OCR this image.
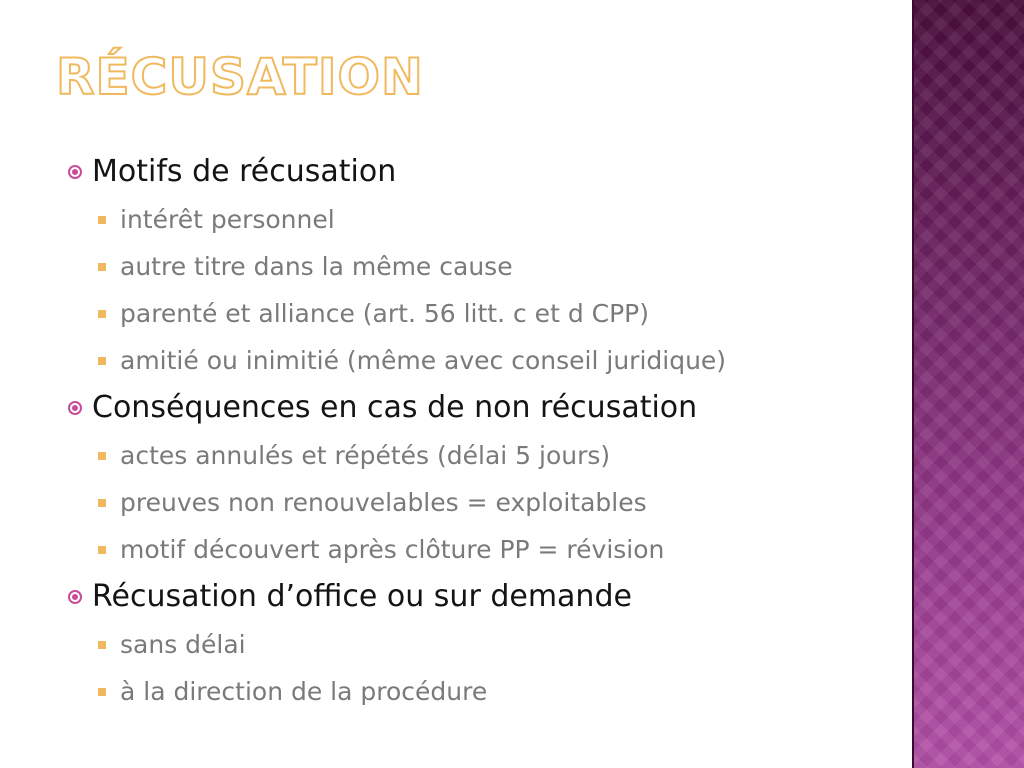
RÉCUSATION
Motifs de récusation
intérêt personnel
autre titre dans la même cause
parenté et alliance (art. 56 litt. c et d CPP)
amitié ou inimitié (même avec conseil juridique)
Conséquences en cas de non récusation
actes annulés et répétés (délai 5 jours)
preuves non renouvelables = exploitables
motif découvert après clôture PP = révision
Récusation d’office ou sur demande
sans délai
à la direction de la procédure
